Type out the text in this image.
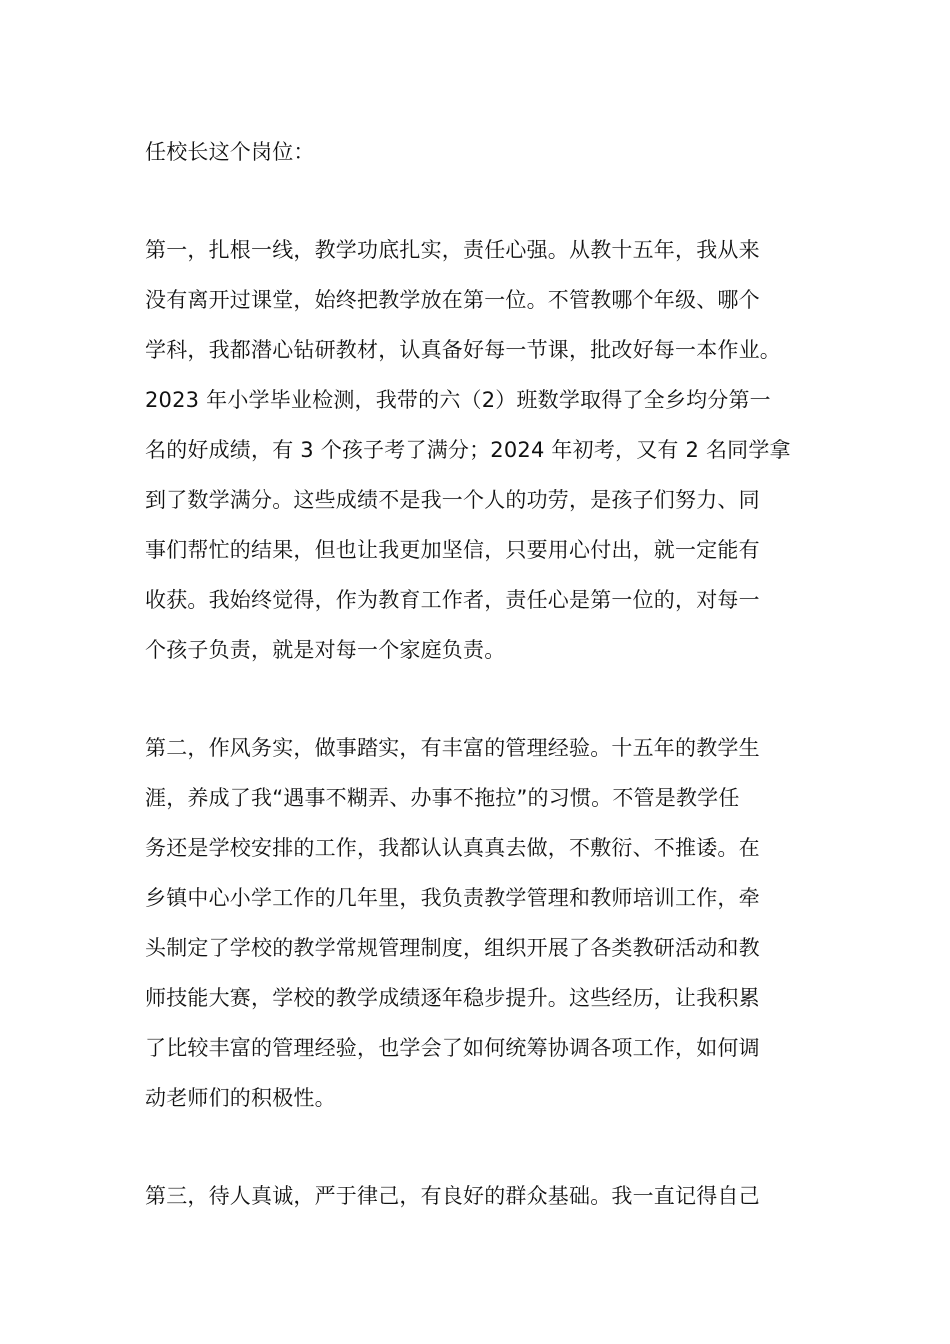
任校长这个岗位：
第一，扎根一线，教学功底扎实，责任心强。从教十五年，我从来
没有离开过课堂，始终把教学放在第一位。不管教哪个年级、哪个
学科，我都潜心钻研教材，认真备好每一节课，批改好每一本作业。
2023 年小学毕业检测，我带的六（2）班数学取得了全乡均分第一
名的好成绩，有 3 个孩子考了满分；2024 年初考，又有 2 名同学拿
到了数学满分。这些成绩不是我一个人的功劳，是孩子们努力、同
事们帮忙的结果，但也让我更加坚信，只要用心付出，就一定能有
收获。我始终觉得，作为教育工作者，责任心是第一位的，对每一
个孩子负责，就是对每一个家庭负责。
第二，作风务实，做事踏实，有丰富的管理经验。十五年的教学生
涯，养成了我“遇事不糊弄、办事不拖拉”的习惯。不管是教学任
务还是学校安排的工作，我都认认真真去做，不敷衍、不推诿。在
乡镇中心小学工作的几年里，我负责教学管理和教师培训工作，牵
头制定了学校的教学常规管理制度，组织开展了各类教研活动和教
师技能大赛，学校的教学成绩逐年稳步提升。这些经历，让我积累
了比较丰富的管理经验，也学会了如何统筹协调各项工作，如何调
动老师们的积极性。
第三，待人真诚，严于律己，有良好的群众基础。我一直记得自己
